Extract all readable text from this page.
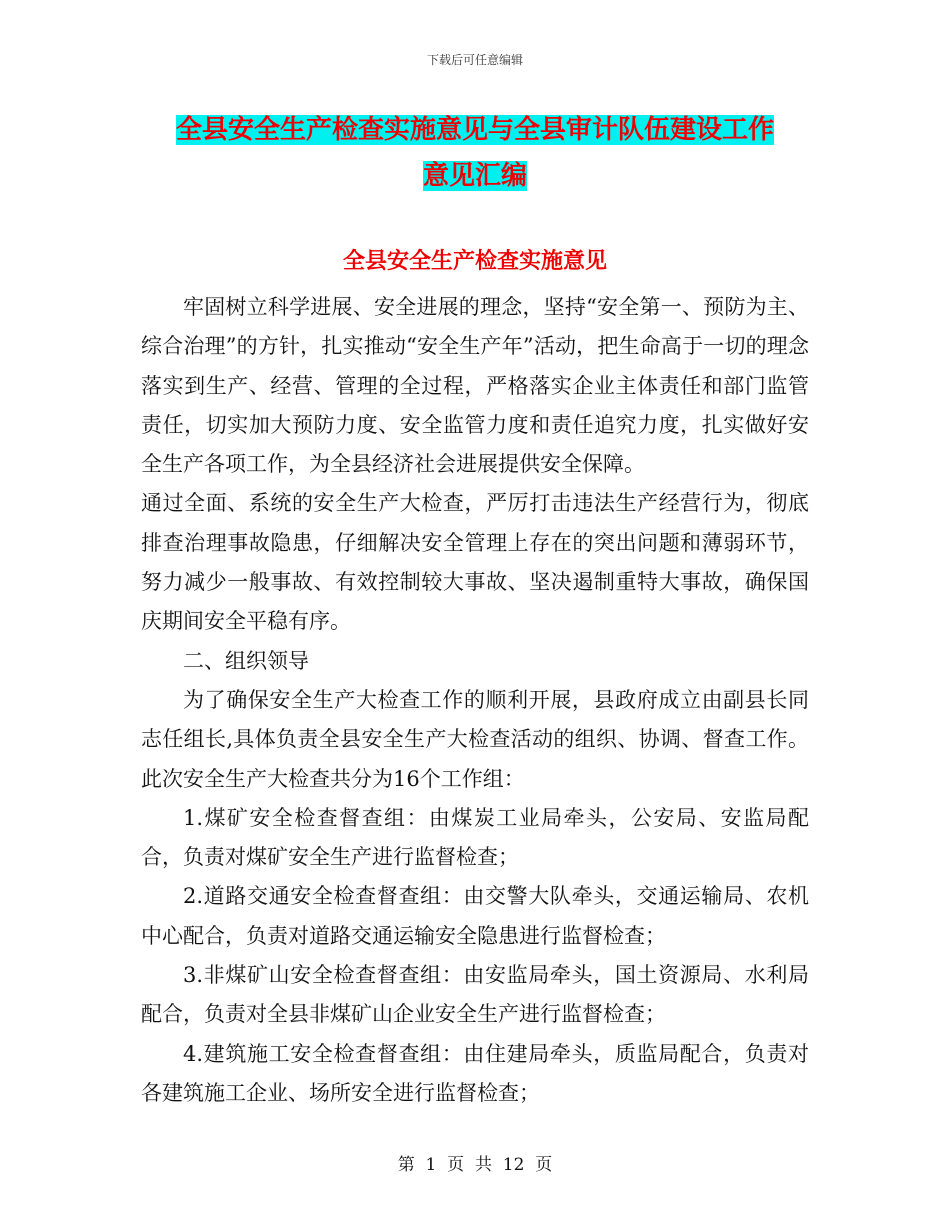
下载后可任意编辑
全县安全生产检查实施意见与全县审计队伍建设工作
意见汇编
全县安全生产检查实施意见

牢固树立科学进展、安全进展的理念，坚持“安全第一、预防为主、综合治理”的方针，扎实推动“安全生产年”活动，把生命高于一切的理念落实到生产、经营、管理的全过程，严格落实企业主体责任和部门监管责任，切实加大预防力度、安全监管力度和责任追究力度，扎实做好安全生产各项工作，为全县经济社会进展提供安全保障。

通过全面、系统的安全生产大检查，严厉打击违法生产经营行为，彻底排查治理事故隐患，仔细解决安全管理上存在的突出问题和薄弱环节，努力减少一般事故、有效控制较大事故、坚决遏制重特大事故，确保国庆期间安全平稳有序。

二、组织领导

为了确保安全生产大检查工作的顺利开展，县政府成立由副县长同志任组长,具体负责全县安全生产大检查活动的组织、协调、督查工作。此次安全生产大检查共分为16个工作组：

1.煤矿安全检查督查组：由煤炭工业局牵头，公安局、安监局配合，负责对煤矿安全生产进行监督检查；

2.道路交通安全检查督查组：由交警大队牵头，交通运输局、农机中心配合，负责对道路交通运输安全隐患进行监督检查；

3.非煤矿山安全检查督查组：由安监局牵头，国土资源局、水利局配合，负责对全县非煤矿山企业安全生产进行监督检查；

4.建筑施工安全检查督查组：由住建局牵头，质监局配合，负责对各建筑施工企业、场所安全进行监督检查；

第  1  页  共  12  页
